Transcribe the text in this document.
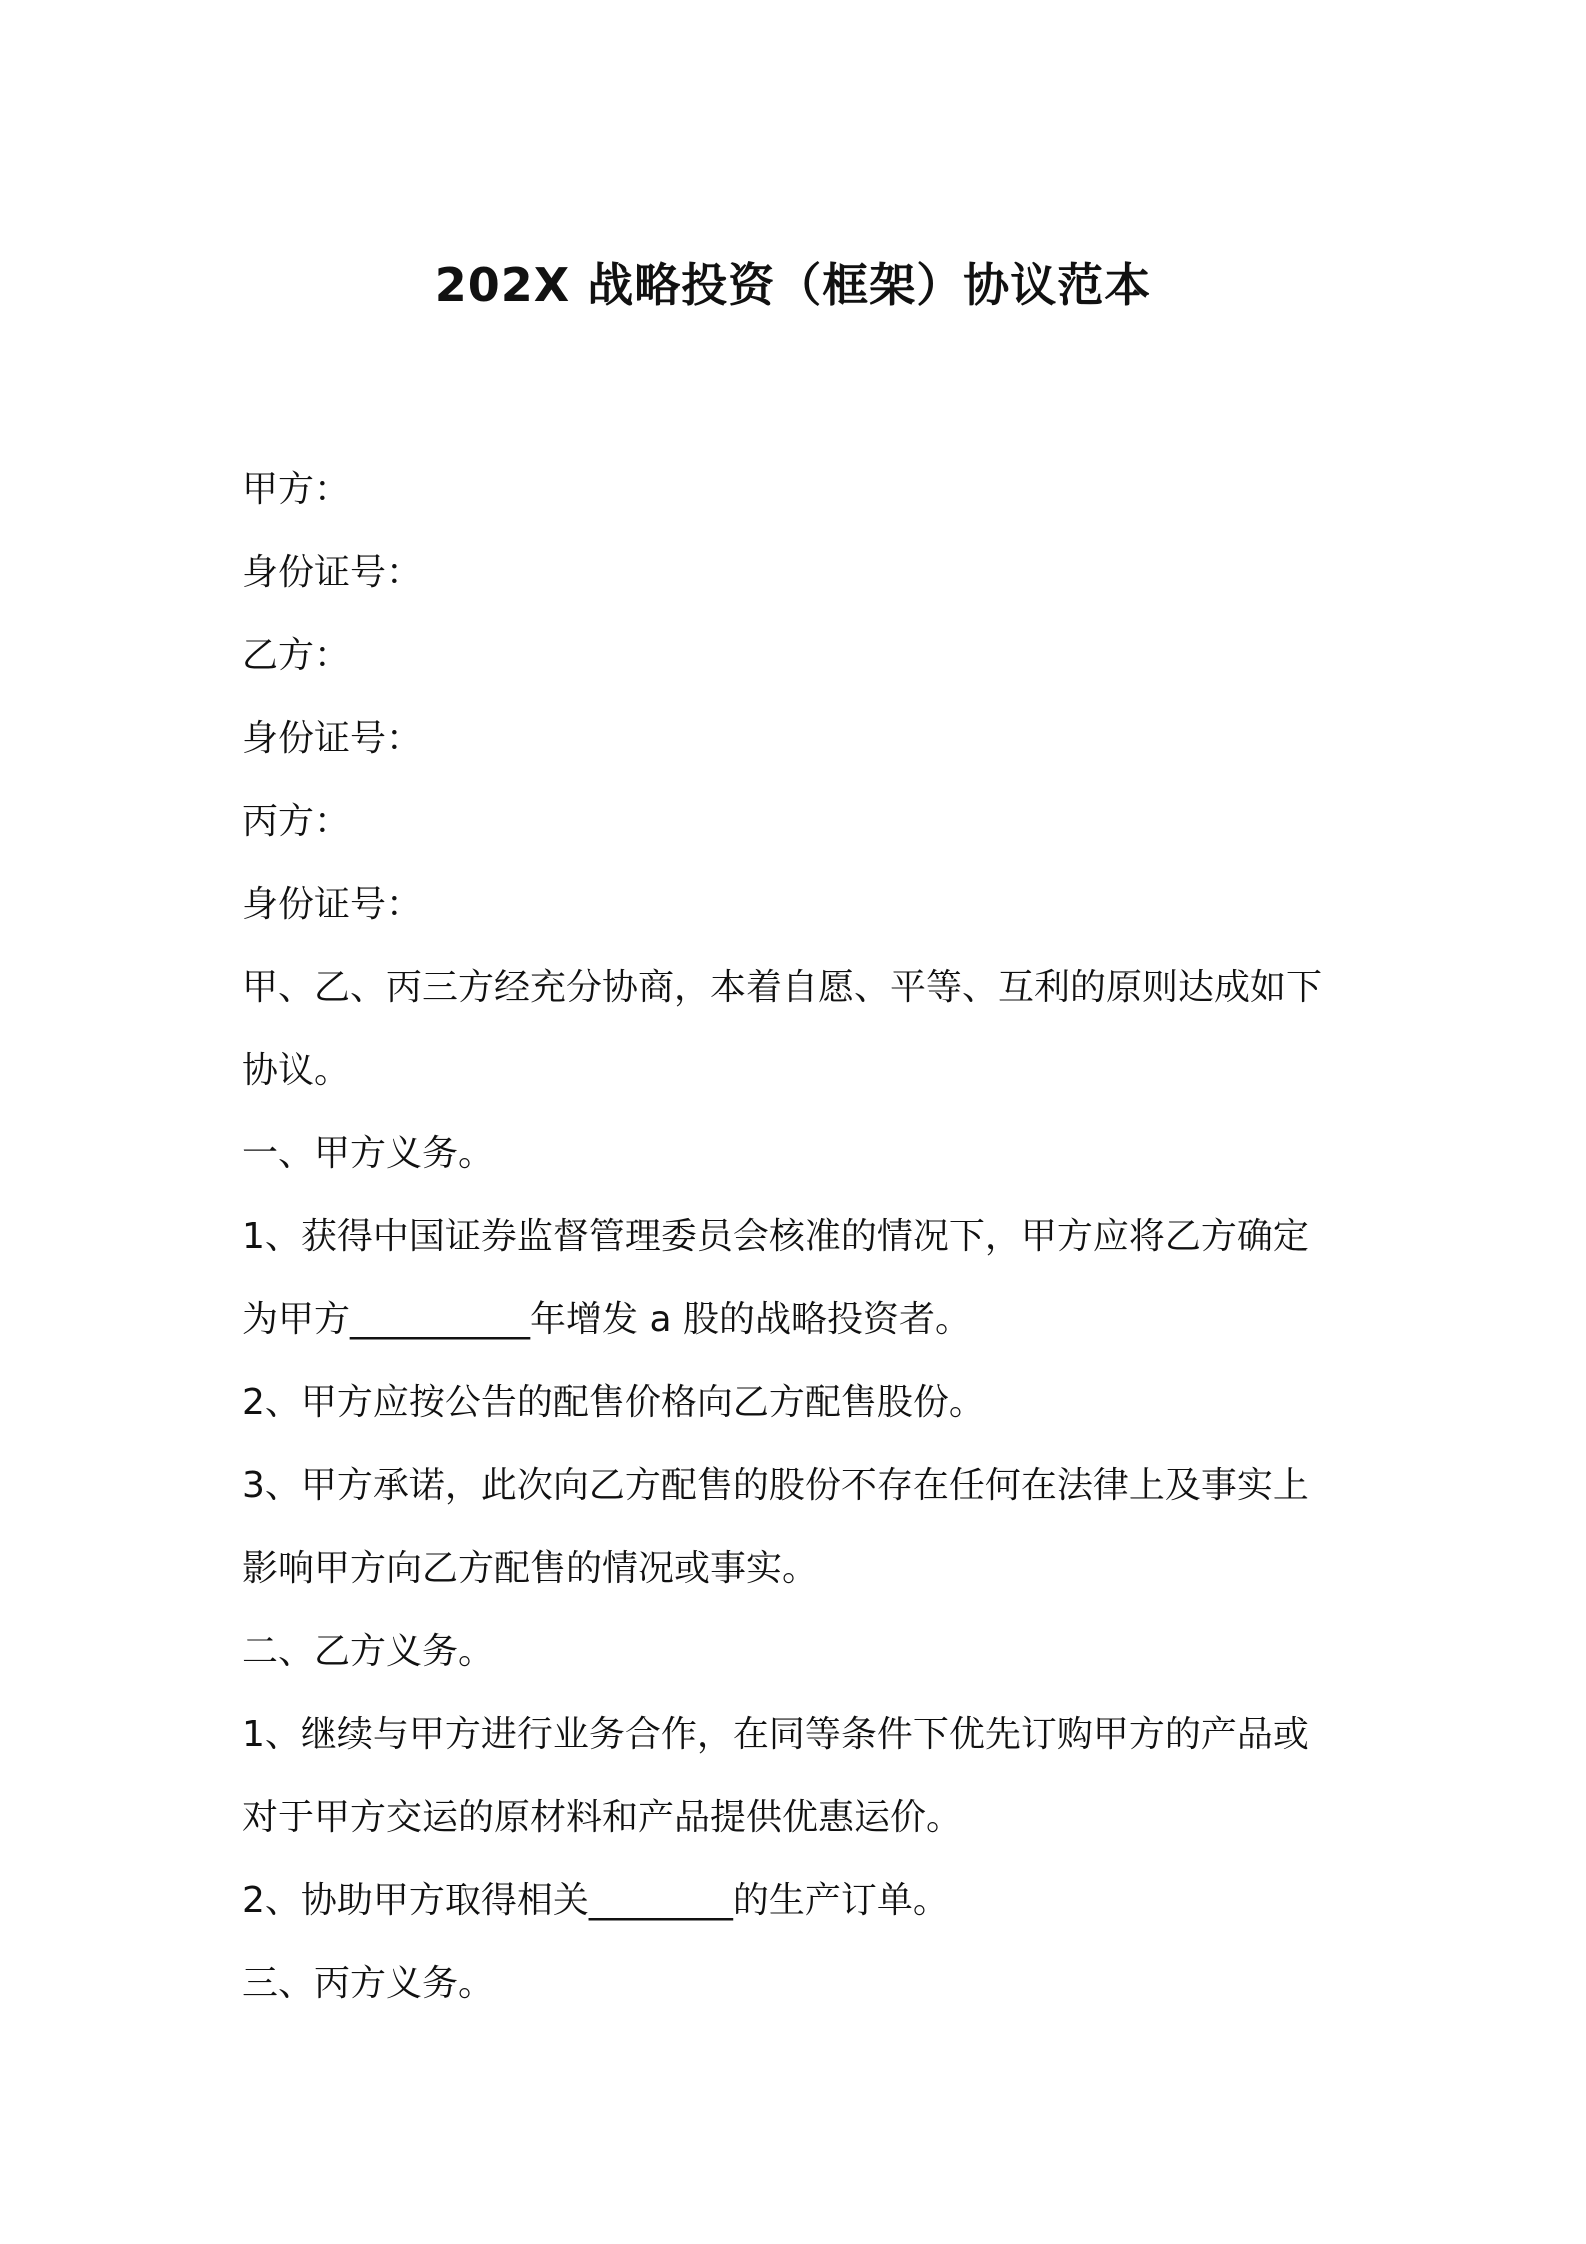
202X 战略投资（框架）协议范本

甲方：

身份证号：

乙方：

身份证号：

丙方：

身份证号：

甲、乙、丙三方经充分协商，本着自愿、平等、互利的原则达成如下

协议。

一、甲方义务。

1、获得中国证券监督管理委员会核准的情况下，甲方应将乙方确定

为甲方__________年增发 a 股的战略投资者。

2、甲方应按公告的配售价格向乙方配售股份。

3、甲方承诺，此次向乙方配售的股份不存在任何在法律上及事实上

影响甲方向乙方配售的情况或事实。

二、乙方义务。

1、继续与甲方进行业务合作，在同等条件下优先订购甲方的产品或

对于甲方交运的原材料和产品提供优惠运价。

2、协助甲方取得相关________的生产订单。

三、丙方义务。
